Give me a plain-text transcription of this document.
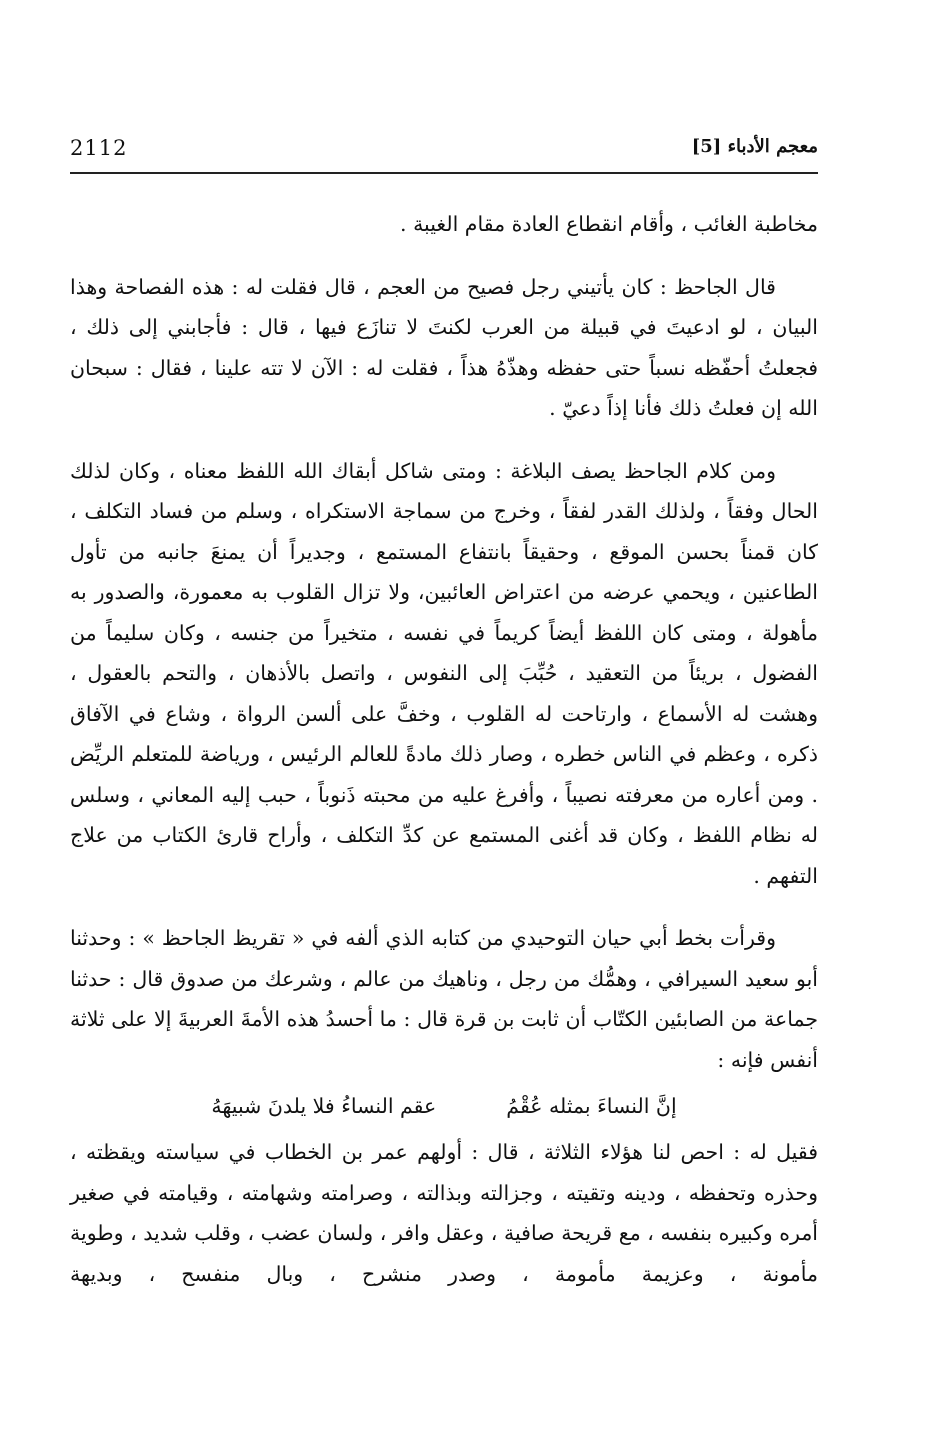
2112	معجم الأدباء [5]

مخاطبة الغائب ، وأقام انقطاع العادة مقام الغيبة .

قال الجاحظ : كان يأتيني رجل فصيح من العجم ، قال فقلت له : هذه الفصاحة وهذا البيان ، لو ادعيتَ في قبيلة من العرب لكنتَ لا تنازَع فيها ، قال : فأجابني إلى ذلك ، فجعلتُ أحفّظه نسباً حتى حفظه وهذّهُ هذاً ، فقلت له : الآن لا تته علينا ، فقال : سبحان الله إن فعلتُ ذلك فأنا إذاً دعيّ .

ومن كلام الجاحظ يصف البلاغة : ومتى شاكل أبقاك الله اللفظ معناه ، وكان لذلك الحال وفقاً ، ولذلك القدر لفقاً ، وخرج من سماجة الاستكراه ، وسلم من فساد التكلف ، كان قمناً بحسن الموقع ، وحقيقاً بانتفاع المستمع ، وجديراً أن يمنعَ جانبه من تأول الطاعنين ، ويحمي عرضه من اعتراض العائبين، ولا تزال القلوب به معمورة، والصدور به مأهولة ، ومتى كان اللفظ أيضاً كريماً في نفسه ، متخيراً من جنسه ، وكان سليماً من الفضول ، بريئاً من التعقيد ، حُبِّبَ إلى النفوس ، واتصل بالأذهان ، والتحم بالعقول ، وهشت له الأسماع ، وارتاحت له القلوب ، وخفَّ على ألسن الرواة ، وشاع في الآفاق ذكره ، وعظم في الناس خطره ، وصار ذلك مادةً للعالم الرئيس ، ورياضة للمتعلم الريِّض . ومن أعاره من معرفته نصيباً ، وأفرغ عليه من محبته ذَنوباً ، حبب إليه المعاني ، وسلس له نظام اللفظ ، وكان قد أغنى المستمع عن كدِّ التكلف ، وأراح قارئ الكتاب من علاج التفهم .

وقرأت بخط أبي حيان التوحيدي من كتابه الذي ألفه في « تقريظ الجاحظ » : وحدثنا أبو سعيد السيرافي ، وهمُّك من رجل ، وناهيك من عالم ، وشرعك من صدوق قال : حدثنا جماعة من الصابئين الكتّاب أن ثابت بن قرة قال : ما أحسدُ هذه الأمةَ العربيةَ إلا على ثلاثة أنفس فإنه :

إنَّ النساءَ بمثله عُقْمُ
عقم النساءُ فلا يلدنَ شبيهَهُ

فقيل له : احص لنا هؤلاء الثلاثة ، قال : أولهم عمر بن الخطاب في سياسته ويقظته ، وحذره وتحفظه ، ودينه وتقيته ، وجزالته وبذالته ، وصرامته وشهامته ، وقيامته في صغير أمره وكبيره بنفسه ، مع قريحة صافية ، وعقل وافر ، ولسان عضب ، وقلب شديد ، وطوية مأمونة ، وعزيمة مأمومة ، وصدر منشرح ، وبال منفسح ، وبديهة
